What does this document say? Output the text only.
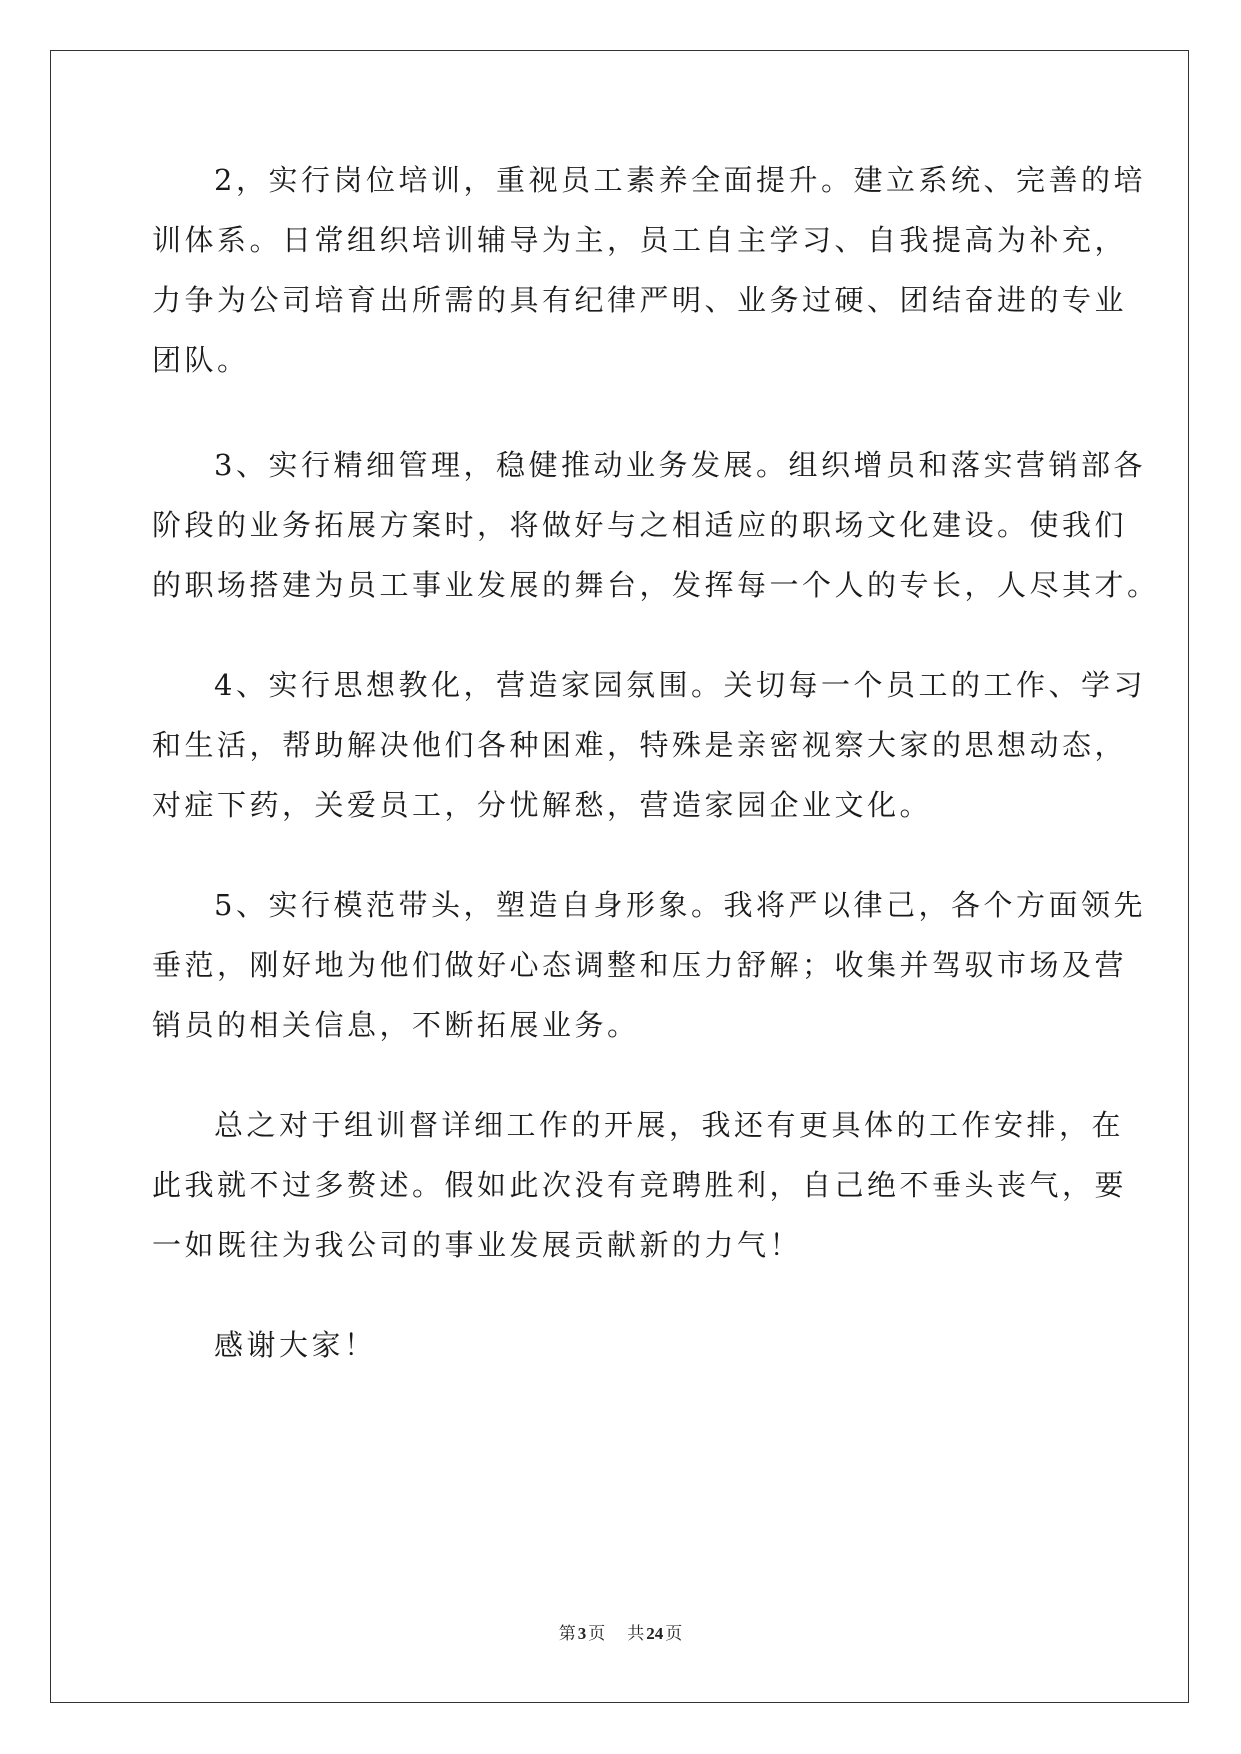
2，实行岗位培训，重视员工素养全面提升。建立系统、完善的培
训体系。日常组织培训辅导为主，员工自主学习、自我提高为补充，
力争为公司培育出所需的具有纪律严明、业务过硬、团结奋进的专业
团队。
3、实行精细管理，稳健推动业务发展。组织增员和落实营销部各
阶段的业务拓展方案时，将做好与之相适应的职场文化建设。使我们
的职场搭建为员工事业发展的舞台，发挥每一个人的专长，人尽其才。
4、实行思想教化，营造家园氛围。关切每一个员工的工作、学习
和生活，帮助解决他们各种困难，特殊是亲密视察大家的思想动态，
对症下药，关爱员工，分忧解愁，营造家园企业文化。
5、实行模范带头，塑造自身形象。我将严以律己，各个方面领先
垂范，刚好地为他们做好心态调整和压力舒解；收集并驾驭市场及营
销员的相关信息，不断拓展业务。
总之对于组训督详细工作的开展，我还有更具体的工作安排，在
此我就不过多赘述。假如此次没有竞聘胜利，自己绝不垂头丧气，要
一如既往为我公司的事业发展贡献新的力气！
感谢大家！
第 3 页 共 24 页
